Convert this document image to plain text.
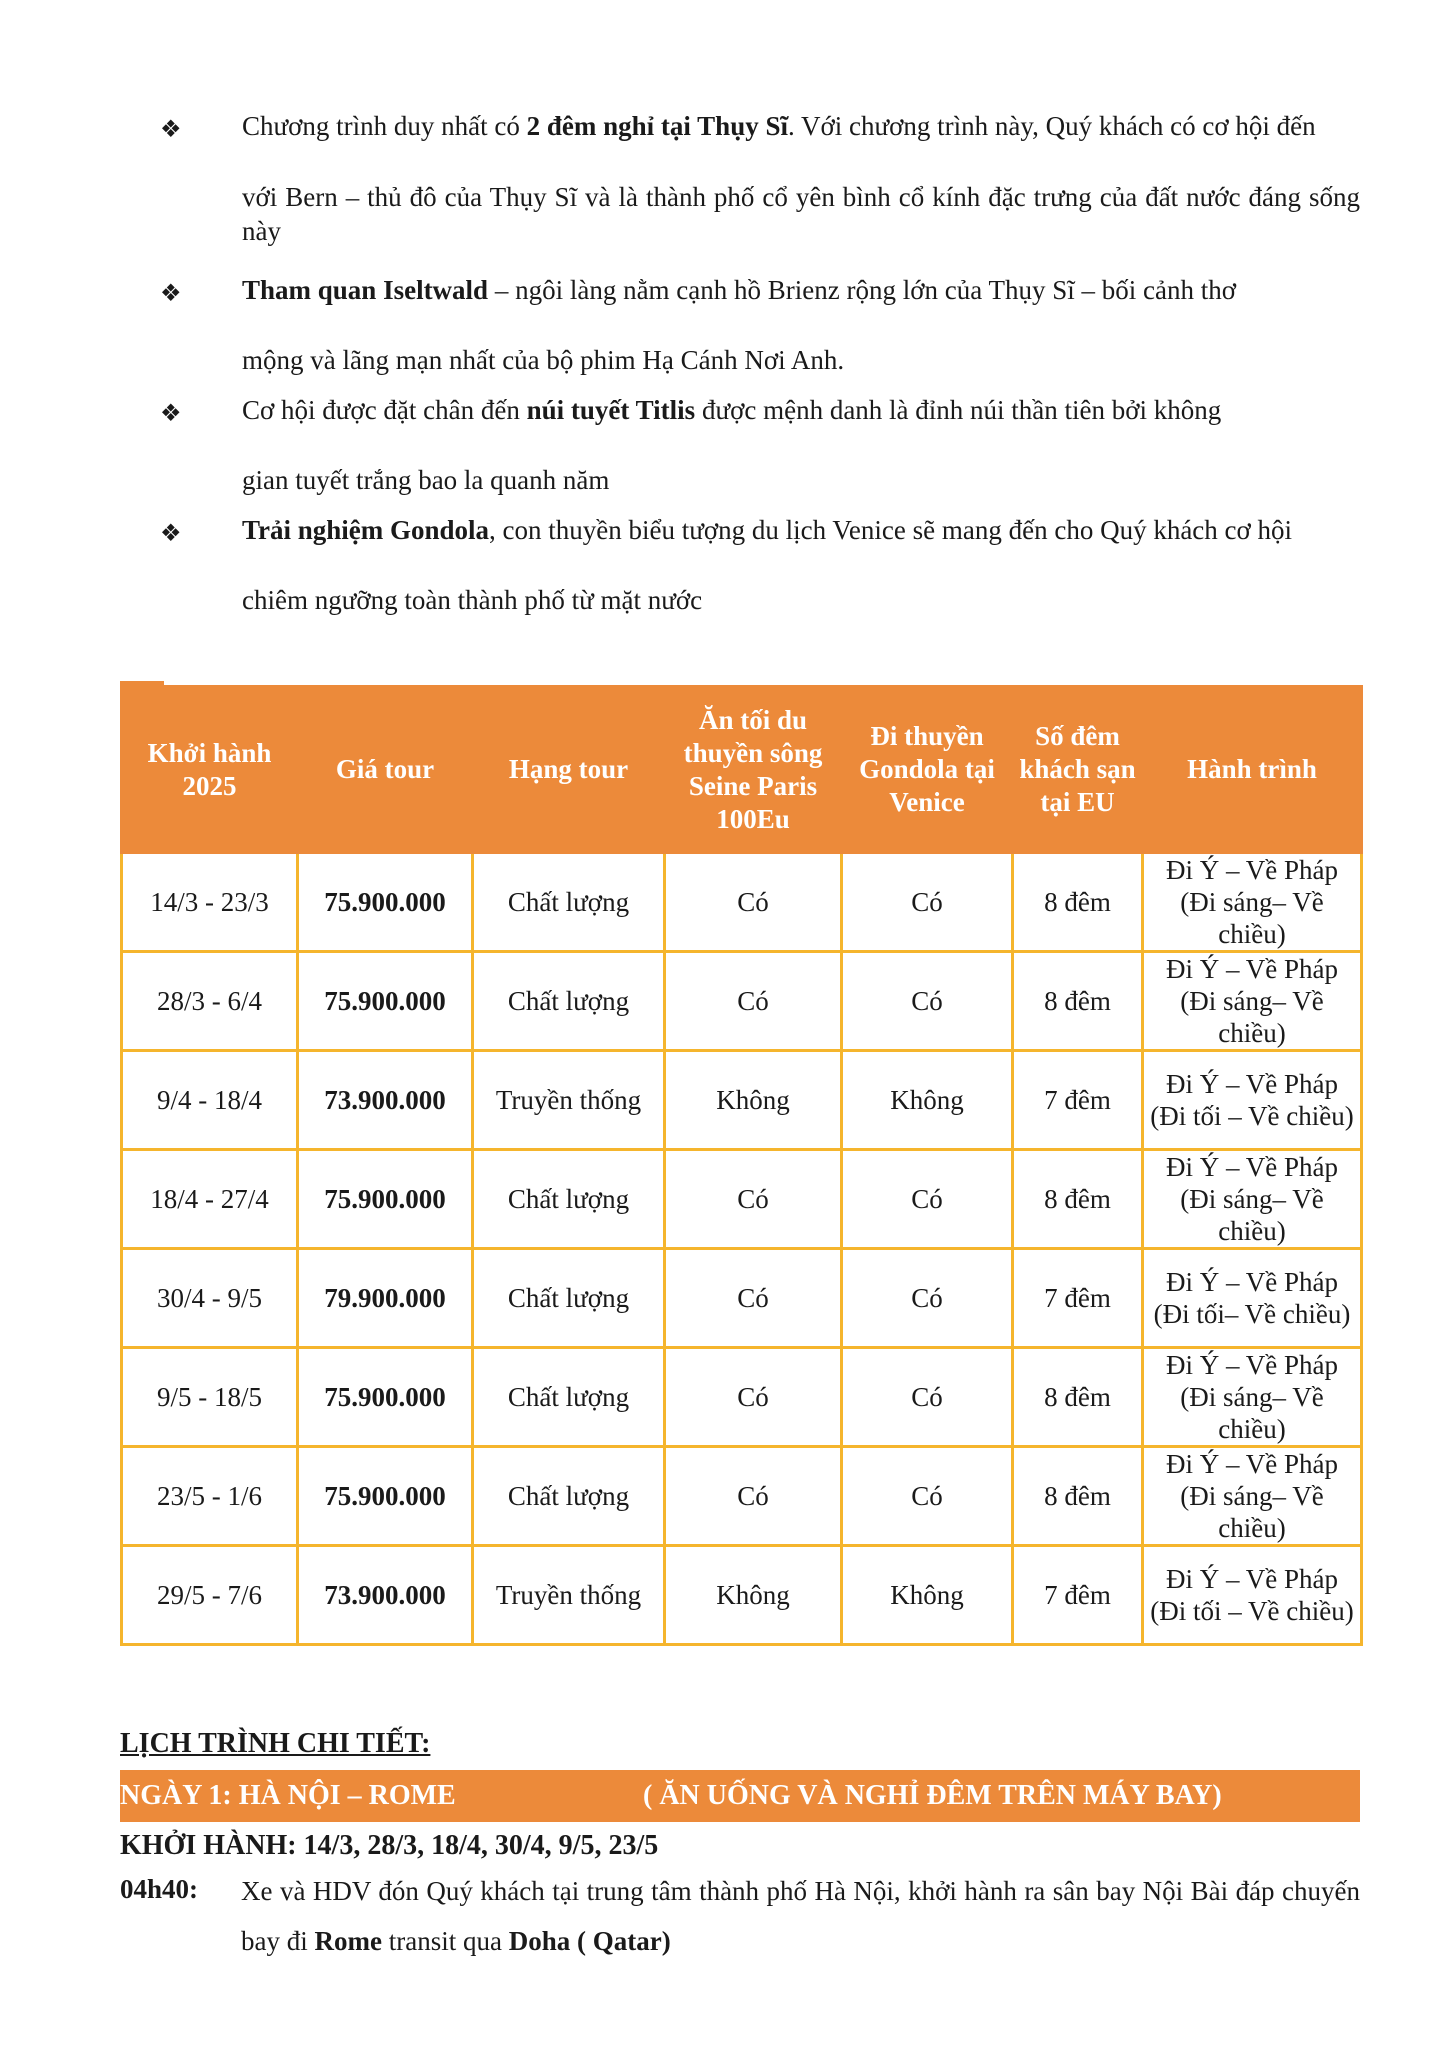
❖ Chương trình duy nhất có 2 đêm nghỉ tại Thụy Sĩ. Với chương trình này, Quý khách có cơ hội đến
với Bern – thủ đô của Thụy Sĩ và là thành phố cổ yên bình cổ kính đặc trưng của đất nước đáng sống này
❖ Tham quan Iseltwald – ngôi làng nằm cạnh hồ Brienz rộng lớn của Thụy Sĩ – bối cảnh thơ
mộng và lãng mạn nhất của bộ phim Hạ Cánh Nơi Anh.
❖ Cơ hội được đặt chân đến núi tuyết Titlis được mệnh danh là đỉnh núi thần tiên bởi không
gian tuyết trắng bao la quanh năm
❖ Trải nghiệm Gondola, con thuyền biểu tượng du lịch Venice sẽ mang đến cho Quý khách cơ hội
chiêm ngưỡng toàn thành phố từ mặt nước
Khởi hành 2025	Giá tour	Hạng tour	Ăn tối du thuyền sông Seine Paris 100Eu	Đi thuyền Gondola tại Venice	Số đêm khách sạn tại EU	Hành trình
14/3 - 23/3	75.900.000	Chất lượng	Có	Có	8 đêm	Đi Ý – Về Pháp (Đi sáng– Về chiều)
28/3 - 6/4	75.900.000	Chất lượng	Có	Có	8 đêm	Đi Ý – Về Pháp (Đi sáng– Về chiều)
9/4 - 18/4	73.900.000	Truyền thống	Không	Không	7 đêm	Đi Ý – Về Pháp (Đi tối – Về chiều)
18/4 - 27/4	75.900.000	Chất lượng	Có	Có	8 đêm	Đi Ý – Về Pháp (Đi sáng– Về chiều)
30/4 - 9/5	79.900.000	Chất lượng	Có	Có	7 đêm	Đi Ý – Về Pháp (Đi tối– Về chiều)
9/5 - 18/5	75.900.000	Chất lượng	Có	Có	8 đêm	Đi Ý – Về Pháp (Đi sáng– Về chiều)
23/5 - 1/6	75.900.000	Chất lượng	Có	Có	8 đêm	Đi Ý – Về Pháp (Đi sáng– Về chiều)
29/5 - 7/6	73.900.000	Truyền thống	Không	Không	7 đêm	Đi Ý – Về Pháp (Đi tối – Về chiều)
LỊCH TRÌNH CHI TIẾT:
NGÀY 1: HÀ NỘI – ROME	( ĂN UỐNG VÀ NGHỈ ĐÊM TRÊN MÁY BAY)
KHỞI HÀNH: 14/3, 28/3, 18/4, 30/4, 9/5, 23/5
04h40: Xe và HDV đón Quý khách tại trung tâm thành phố Hà Nội, khởi hành ra sân bay Nội Bài đáp chuyến bay đi Rome transit qua Doha ( Qatar)
